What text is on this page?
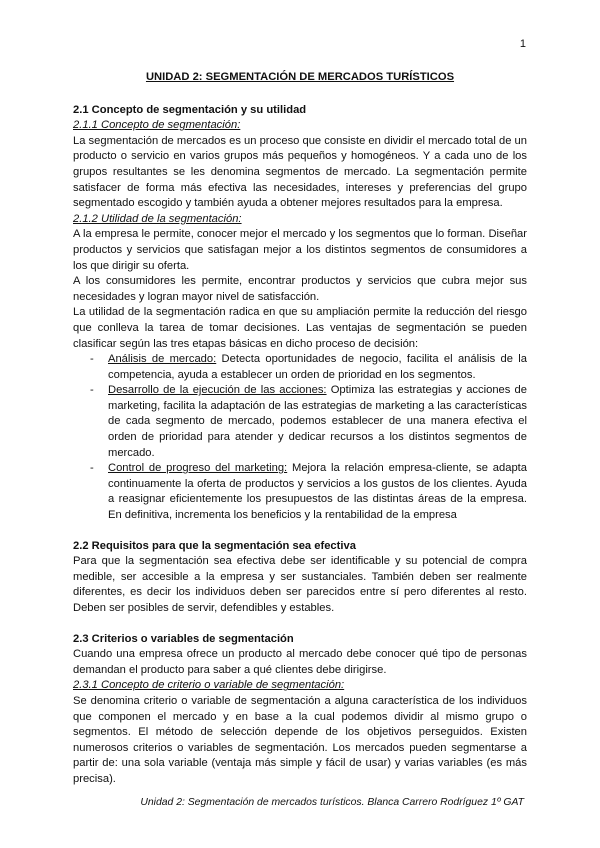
1
UNIDAD 2: SEGMENTACIÓN DE MERCADOS TURÍSTICOS
2.1 Concepto de segmentación y su utilidad
2.1.1 Concepto de segmentación:

La segmentación de mercados es un proceso que consiste en dividir el mercado total de un producto o servicio en varios grupos más pequeños y homogéneos. Y a cada uno de los grupos resultantes se les denomina segmentos de mercado. La segmentación permite satisfacer de forma más efectiva las necesidades, intereses y preferencias del grupo segmentado escogido y también ayuda a obtener mejores resultados para la empresa.

2.1.2 Utilidad de la segmentación:

A la empresa le permite, conocer mejor el mercado y los segmentos que lo forman. Diseñar productos y servicios que satisfagan mejor a los distintos segmentos de consumidores a los que dirigir su oferta.

A los consumidores les permite, encontrar productos y servicios que cubra mejor sus necesidades y logran mayor nivel de satisfacción.

La utilidad de la segmentación radica en que su ampliación permite la reducción del riesgo que conlleva la tarea de tomar decisiones. Las ventajas de segmentación se pueden clasificar según las tres etapas básicas en dicho proceso de decisión:

- Análisis de mercado: Detecta oportunidades de negocio, facilita el análisis de la competencia, ayuda a establecer un orden de prioridad en los segmentos.
- Desarrollo de la ejecución de las acciones: Optimiza las estrategias y acciones de marketing, facilita la adaptación de las estrategias de marketing a las características de cada segmento de mercado, podemos establecer de una manera efectiva el orden de prioridad para atender y dedicar recursos a los distintos segmentos de mercado.
- Control de progreso del marketing: Mejora la relación empresa-cliente, se adapta continuamente la oferta de productos y servicios a los gustos de los clientes. Ayuda a reasignar eficientemente los presupuestos de las distintas áreas de la empresa. En definitiva, incrementa los beneficios y la rentabilidad de la empresa
2.2 Requisitos para que la segmentación sea efectiva

Para que la segmentación sea efectiva debe ser identificable y su potencial de compra medible, ser accesible a la empresa y ser sustanciales. También deben ser realmente diferentes, es decir los individuos deben ser parecidos entre sí pero diferentes al resto. Deben ser posibles de servir, defendibles y estables.

2.3 Criterios o variables de segmentación

Cuando una empresa ofrece un producto al mercado debe conocer qué tipo de personas demandan el producto para saber a qué clientes debe dirigirse.

2.3.1 Concepto de criterio o variable de segmentación:

Se denomina criterio o variable de segmentación a alguna característica de los individuos que componen el mercado y en base a la cual podemos dividir al mismo grupo o segmentos. El método de selección depende de los objetivos perseguidos. Existen numerosos criterios o variables de segmentación. Los mercados pueden segmentarse a partir de: una sola variable (ventaja más simple y fácil de usar) y varias variables (es más precisa).

Unidad 2: Segmentación de mercados turísticos. Blanca Carrero Rodríguez 1º GAT
